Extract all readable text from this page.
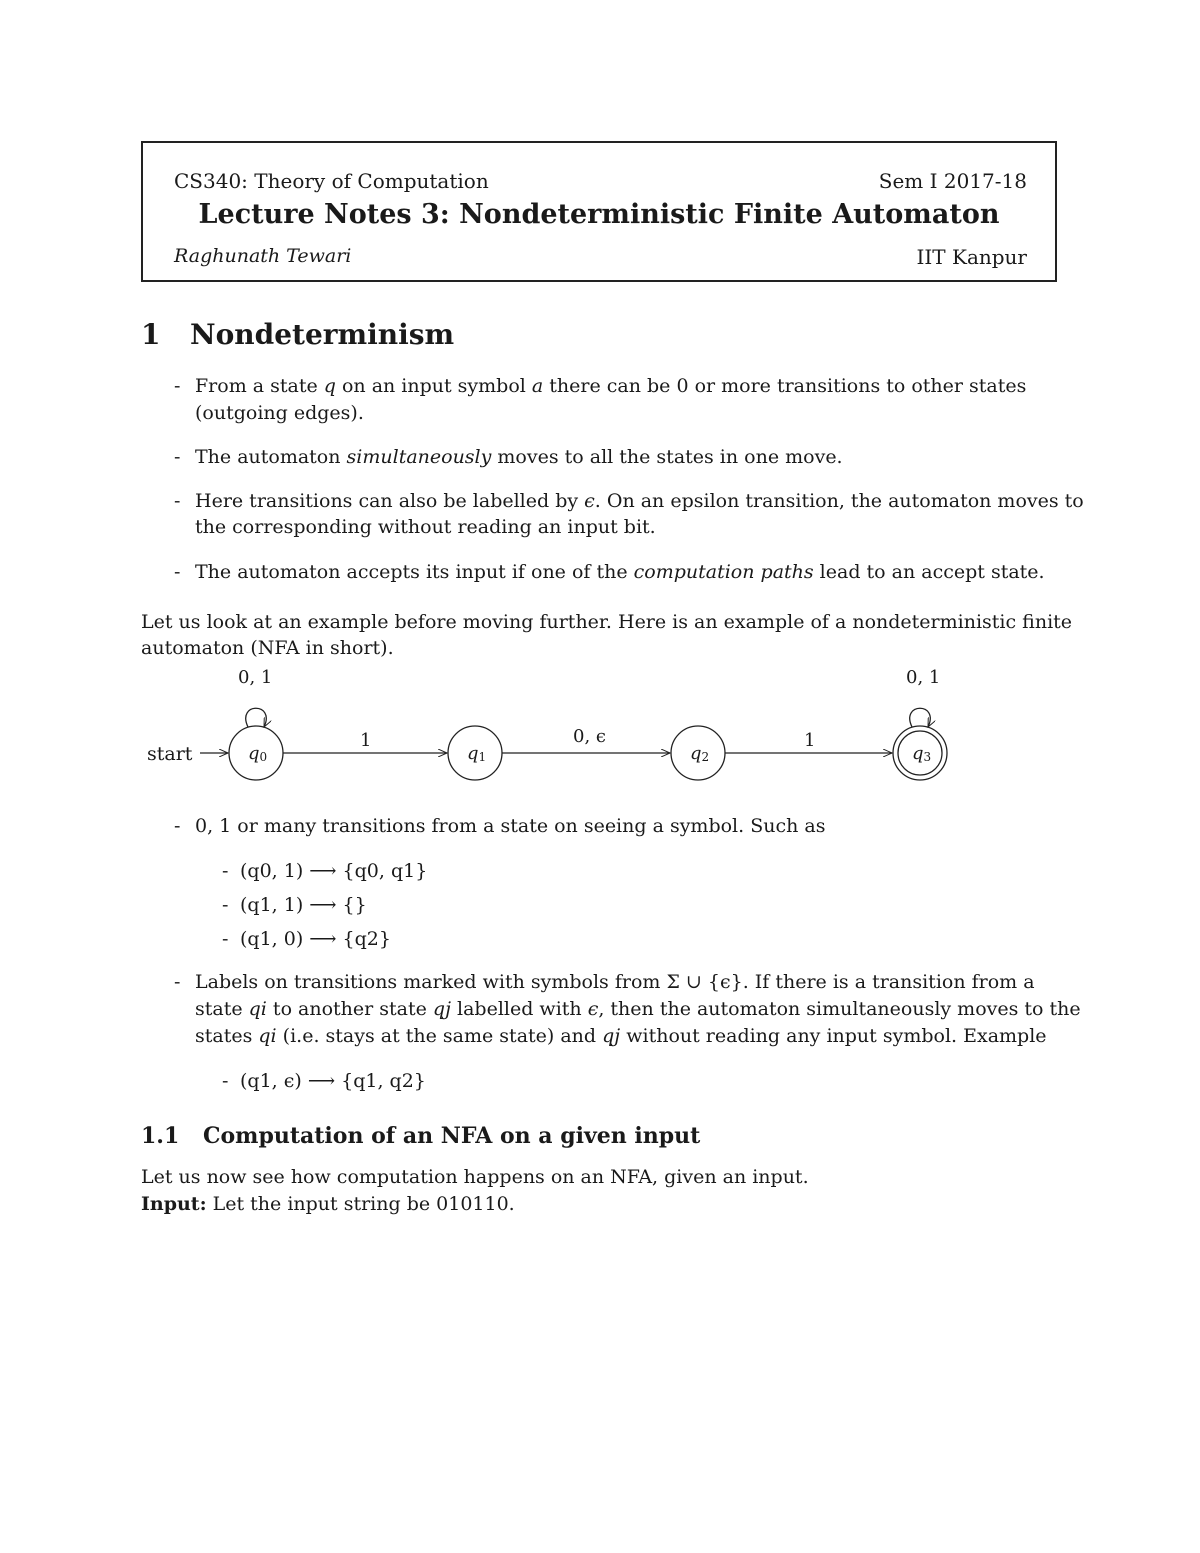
CS340: Theory of Computation	Sem I 2017-18
Lecture Notes 3: Nondeterministic Finite Automaton
Raghunath Tewari	IIT Kanpur
1 Nondeterminism
- From a state q on an input symbol a there can be 0 or more transitions to other states
(outgoing edges).
- The automaton simultaneously moves to all the states in one move.
- Here transitions can also be labelled by ϵ. On an epsilon transition, the automaton moves to
the corresponding without reading an input bit.
- The automaton accepts its input if one of the computation paths lead to an accept state.
Let us look at an example before moving further. Here is an example of a nondeterministic finite
automaton (NFA in short).
start	q0
0, 1
1
q1
0, ϵ
q2
1
q3
0, 1
- 0, 1 or many transitions from a state on seeing a symbol. Such as
- (q0, 1) ⟶ {q0, q1}
- (q1, 1) ⟶ {}
- (q1, 0) ⟶ {q2}
- Labels on transitions marked with symbols from Σ ∪ {ϵ}. If there is a transition from a
state qi to another state qj labelled with ϵ, then the automaton simultaneously moves to the
states qi (i.e. stays at the same state) and qj without reading any input symbol. Example
- (q1, ϵ) ⟶ {q1, q2}
1.1 Computation of an NFA on a given input
Let us now see how computation happens on an NFA, given an input.
Input: Let the input string be 010110.
